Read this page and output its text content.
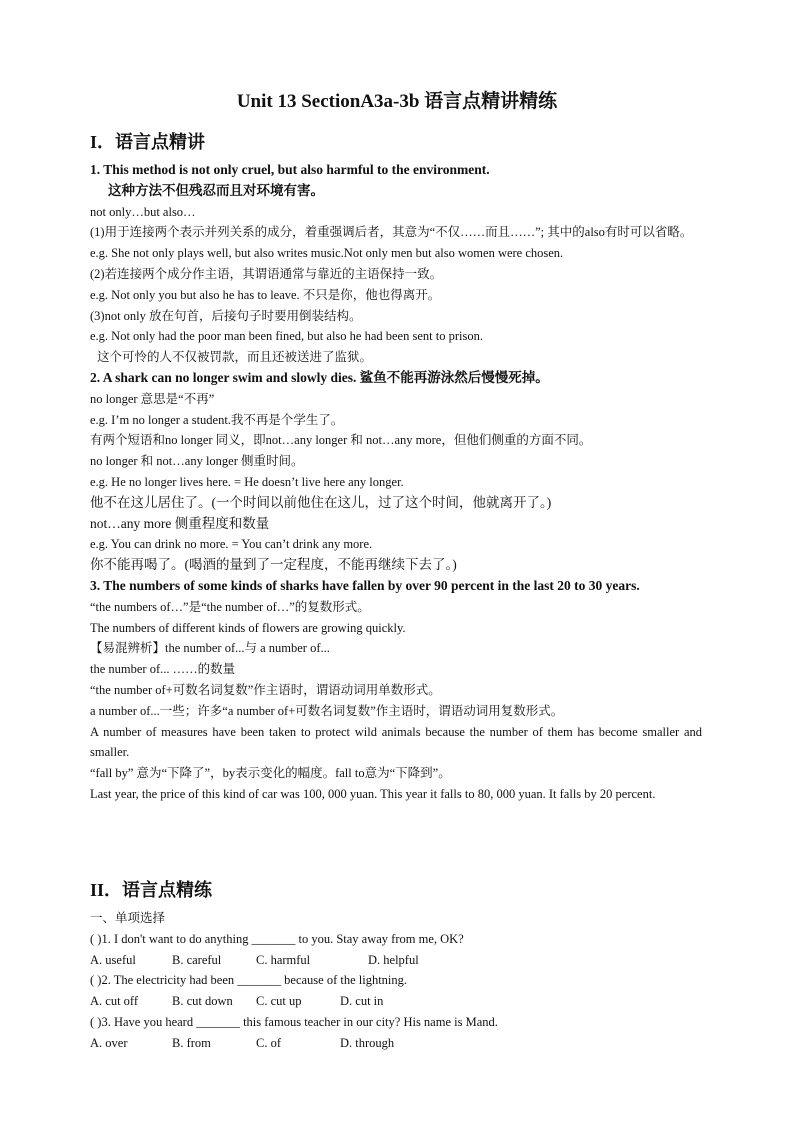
Unit 13 SectionA3a-3b 语言点精讲精练
I．语言点精讲

1. This method is not only cruel, but also harmful to the environment.

这种方法不但残忍而且对环境有害。

not only…but also…

(1)用于连接两个表示并列关系的成分，着重强调后者，其意为“不仅……而且……”; 其中的also有时可以省略。

e.g. She not only plays well, but also writes music.Not only men but also women were chosen.

(2)若连接两个成分作主语，其谓语通常与靠近的主语保持一致。

e.g. Not only you but also he has to leave. 不只是你，他也得离开。

(3)not only 放在句首，后接句子时要用倒装结构。

e.g. Not only had the poor man been fined, but also he had been sent to prison.

这个可怜的人不仅被罚款，而且还被送进了监狱。

2. A shark can no longer swim and slowly dies. 鲨鱼不能再游泳然后慢慢死掉。

no longer 意思是“不再”

e.g. I’m no longer a student.我不再是个学生了。

有两个短语和no longer 同义，即not…any longer 和 not…any more，但他们侧重的方面不同。

no longer 和 not…any longer 侧重时间。

e.g. He no longer lives here. = He doesn’t live here any longer.

他不在这儿居住了。(一个时间以前他住在这儿，过了这个时间，他就离开了。)

not…any more 侧重程度和数量

e.g. You can drink no more. = You can’t drink any more.

你不能再喝了。(喝酒的量到了一定程度，不能再继续下去了。)

3. The numbers of some kinds of sharks have fallen by over 90 percent in the last 20 to 30 years.

“the numbers of…”是“the number of…”的复数形式。

The numbers of different kinds of flowers are growing quickly.

【易混辨析】the number of...与 a number of...

the number of... ……的数量

“the number of+可数名词复数”作主语时，谓语动词用单数形式。

a number of...一些；许多“a number of+可数名词复数”作主语时，谓语动词用复数形式。

A number of measures have been taken to protect wild animals because the number of them has become smaller and smaller.

“fall by” 意为“下降了”，by表示变化的幅度。fall to意为“下降到”。

Last year, the price of this kind of car was 100, 000 yuan. This year it falls to 80, 000 yuan. It falls by 20 percent.

II．语言点精练

一、单项选择

( )1. I don't want to do anything _______ to you. Stay away from me, OK?

A. useful	B. careful	C. harmful	D. helpful

( )2. The electricity had been _______ because of the lightning.

A. cut off	B. cut down	C. cut up	D. cut in

( )3. Have you heard _______ this famous teacher in our city? His name is Mand.

A. over	B. from	C. of	D. through
